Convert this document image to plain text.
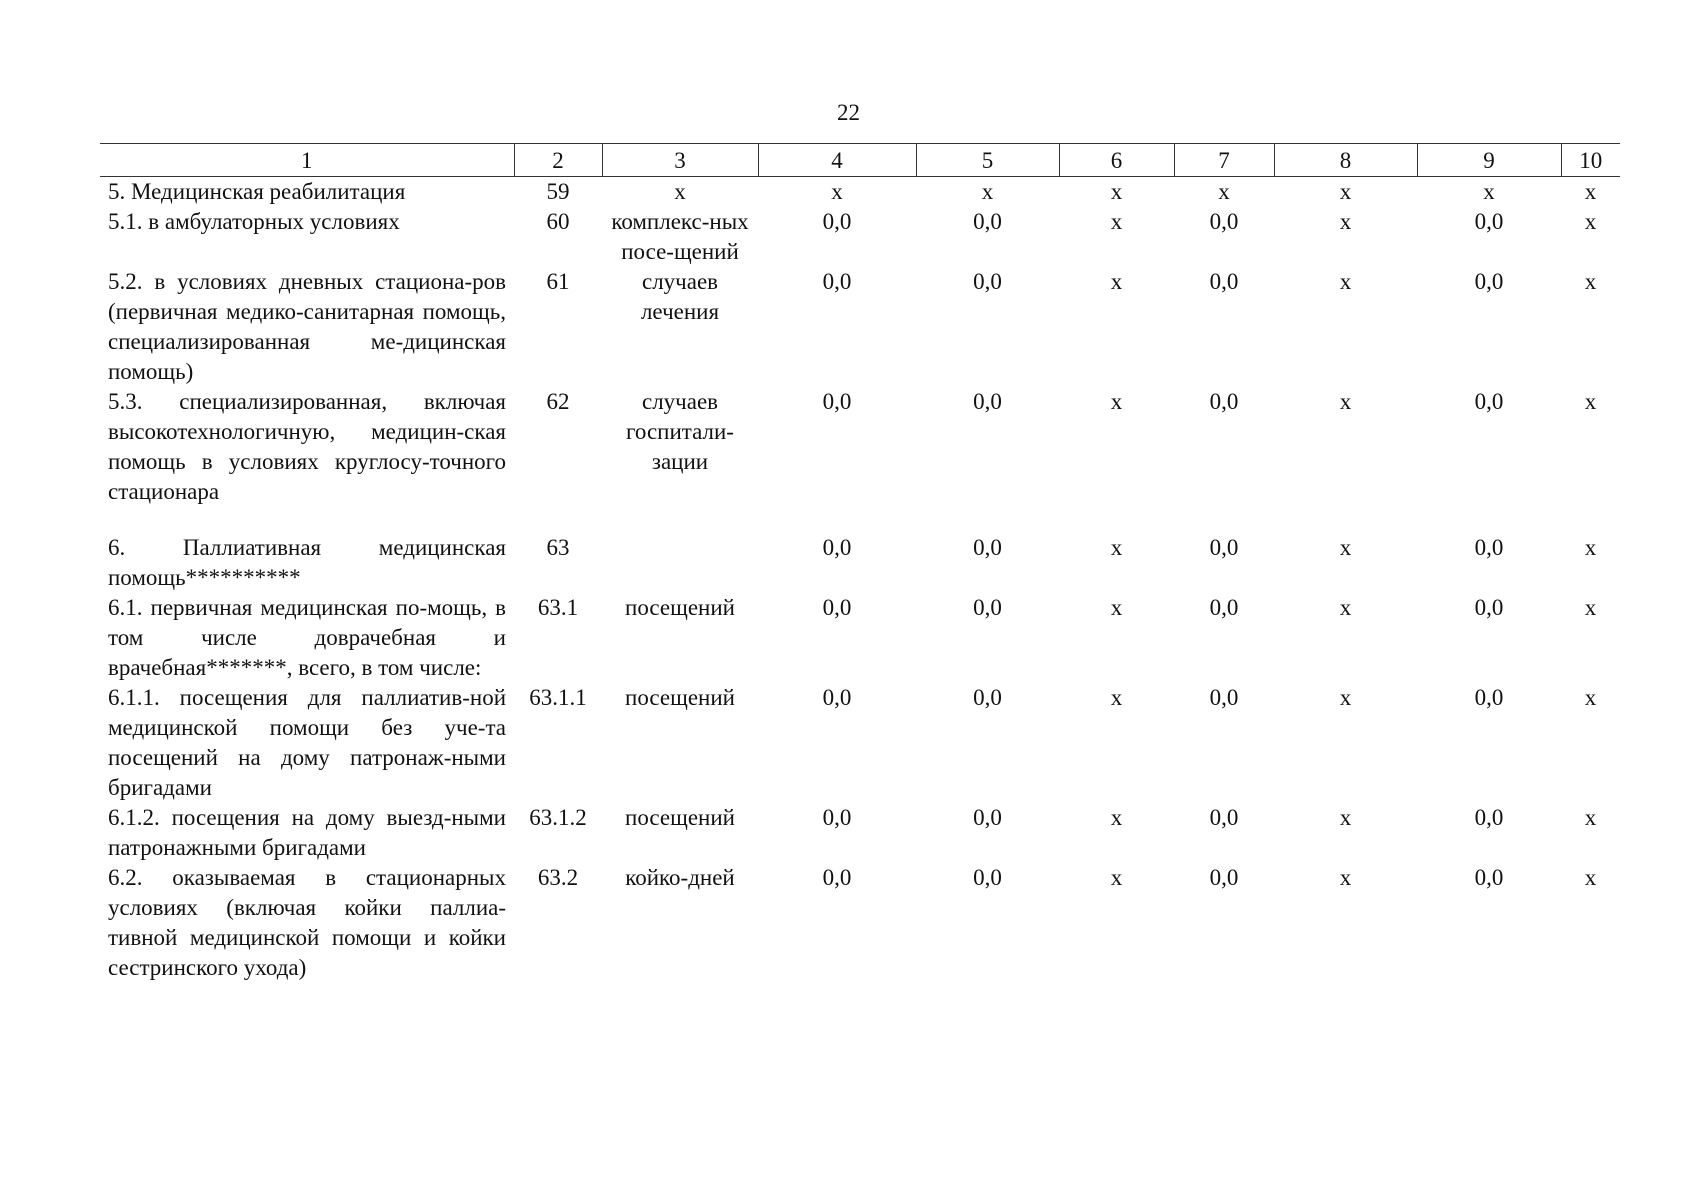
22
1	2	3	4	5	6	7	8	9	10
5. Медицинская реабилитация	59	х	х	х	х	х	х	х	х
5.1. в амбулаторных условиях	60	комплекс-ных посе-щений	0,0	0,0	х	0,0	х	0,0	х
5.2. в условиях дневных стациона-ров (первичная медико-санитарная помощь, специализированная ме-дицинская помощь)	61	случаев лечения	0,0	0,0	х	0,0	х	0,0	х
5.3. специализированная, включая высокотехнологичную, медицин-ская помощь в условиях круглосу-точного стационара	62	случаев госпитали-зации	0,0	0,0	х	0,0	х	0,0	х
6. Паллиативная медицинская помощь**********	63		0,0	0,0	х	0,0	х	0,0	х
6.1. первичная медицинская по-мощь, в том числе доврачебная и врачебная*******, всего, в том числе:	63.1	посещений	0,0	0,0	х	0,0	х	0,0	х
6.1.1. посещения для паллиатив-ной медицинской помощи без уче-та посещений на дому патронаж-ными бригадами	63.1.1	посещений	0,0	0,0	х	0,0	х	0,0	х
6.1.2. посещения на дому выезд-ными патронажными бригадами	63.1.2	посещений	0,0	0,0	х	0,0	х	0,0	х
6.2. оказываемая в стационарных условиях (включая койки паллиа-тивной медицинской помощи и койки сестринского ухода)	63.2	койко-дней	0,0	0,0	х	0,0	х	0,0	х
